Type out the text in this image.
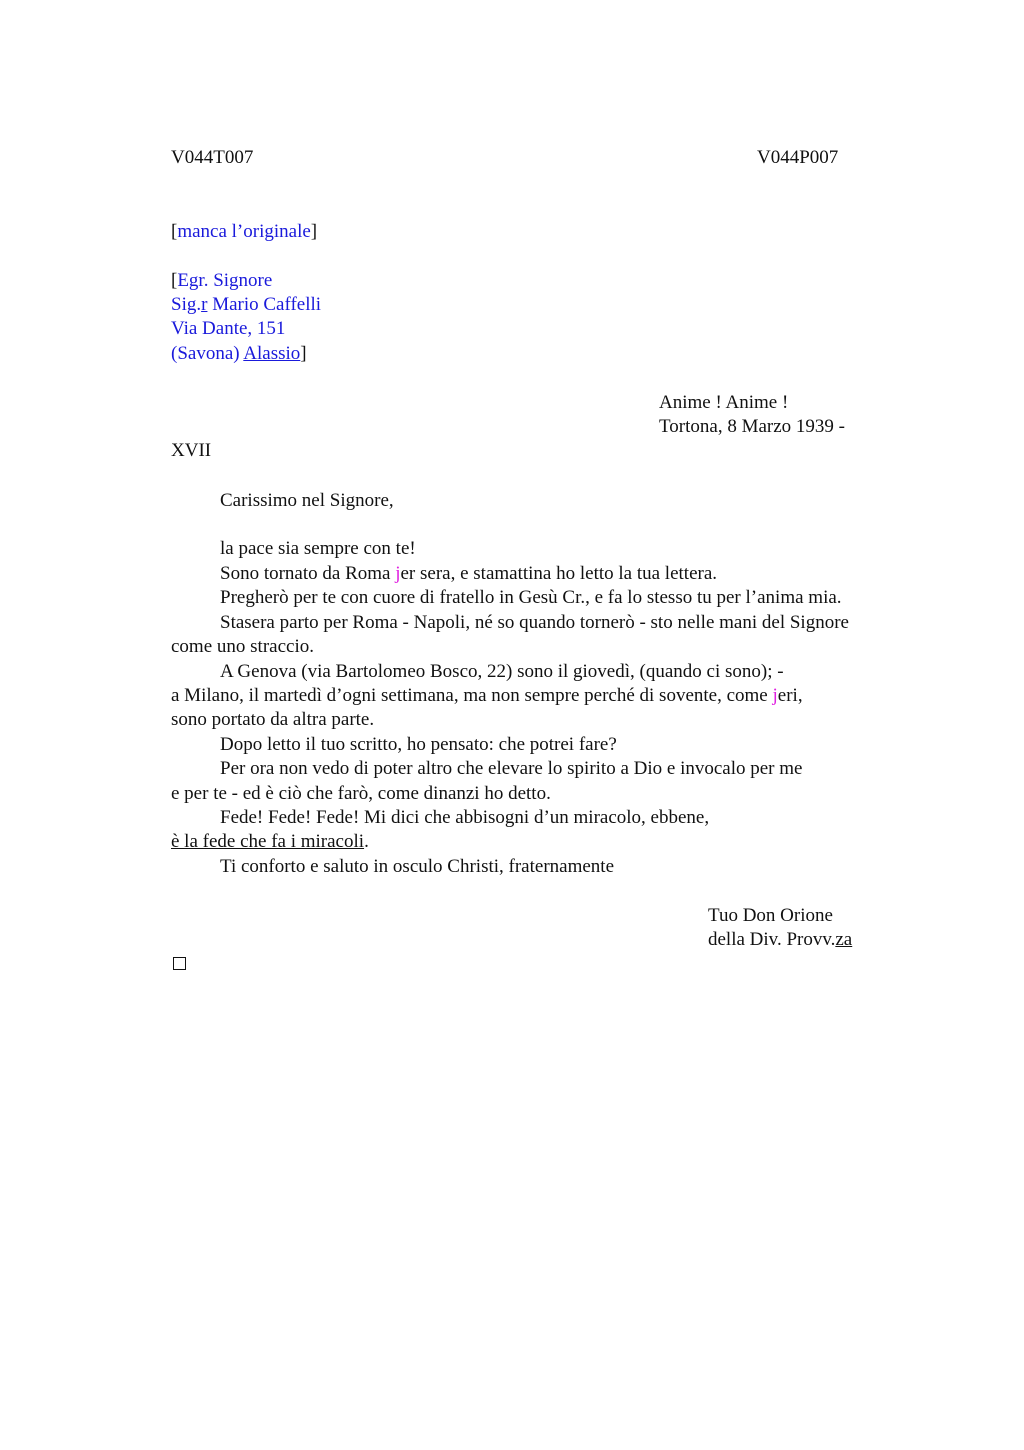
V044T007	V044P007
[manca l’originale]
[Egr. Signore
Sig.r Mario Caffelli
Via Dante, 151
(Savona) Alassio]
Anime ! Anime !
Tortona, 8 Marzo 1939 -
XVII
Carissimo nel Signore,
la pace sia sempre con te!
Sono tornato da Roma jer sera, e stamattina ho letto la tua lettera.
Pregherò per te con cuore di fratello in Gesù Cr., e fa lo stesso tu per l’anima mia.
Stasera parto per Roma - Napoli, né so quando tornerò - sto nelle mani del Signore
come uno straccio.
A Genova (via Bartolomeo Bosco, 22) sono il giovedì, (quando ci sono); -
a Milano, il martedì d’ogni settimana, ma non sempre perché di sovente, come jeri,
sono portato da altra parte.
Dopo letto il tuo scritto, ho pensato: che potrei fare?
Per ora non vedo di poter altro che elevare lo spirito a Dio e invocalo per me
e per te - ed è ciò che farò, come dinanzi ho detto.
Fede! Fede! Fede! Mi dici che abbisogni d’un miracolo, ebbene,
è la fede che fa i miracoli.
Ti conforto e saluto in osculo Christi, fraternamente
Tuo Don Orione
della Div. Provv.za
